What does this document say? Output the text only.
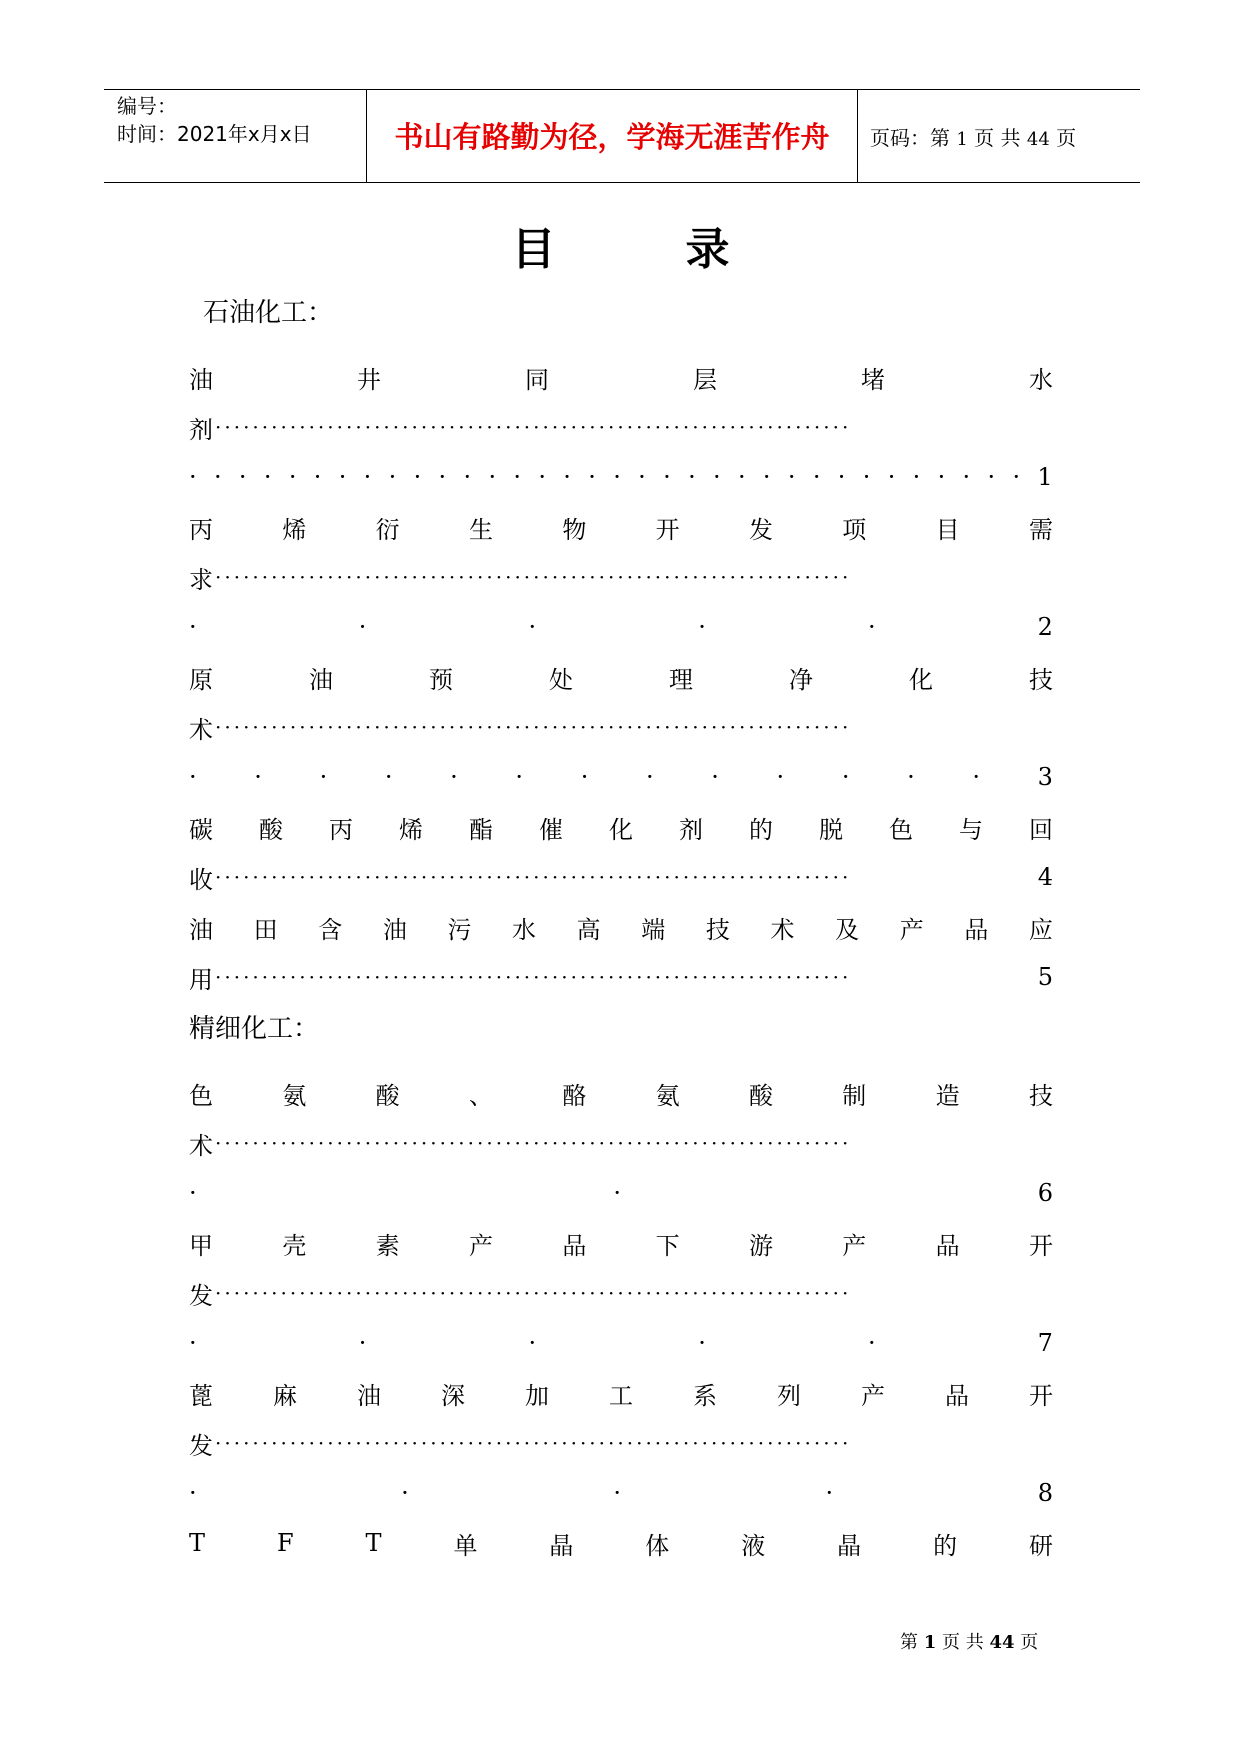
编号：
时间：2021年x月x日	书山有路勤为径，学海无涯苦作舟	页码：第 1 页 共 44 页
目	录
石油化工：
油	井	同	层	堵	水
剂 ····································································
· · · · · · · · · · · · · · · · · · · · · · · · · · · · · · · · · · 1
丙	烯	衍	生	物	开	发	项	目	需
求 ····································································
·	·	·	·	·	2
原	油	预	处	理	净	化	技
术 ····································································
· · · · · · · · · · · · · 3
碳 酸 丙 烯 酯 催 化 剂 的 脱 色 与 回
收 ····································································	4
油 田 含 油 污 水 高 端 技 术 及 产 品 应
用 ····································································	5
精细化工：
色	氨	酸	、	酪	氨	酸	制	造	技
术 ····································································
·	·	6
甲	壳	素	产	品	下	游	产	品	开
发 ····································································
·	·	·	·	·	7
蓖	麻	油	深	加	工	系	列	产	品	开
发 ····································································
·	·	·	·	8
T	F	T	单	晶	体	液	晶	的	研
第 1 页 共 44 页
